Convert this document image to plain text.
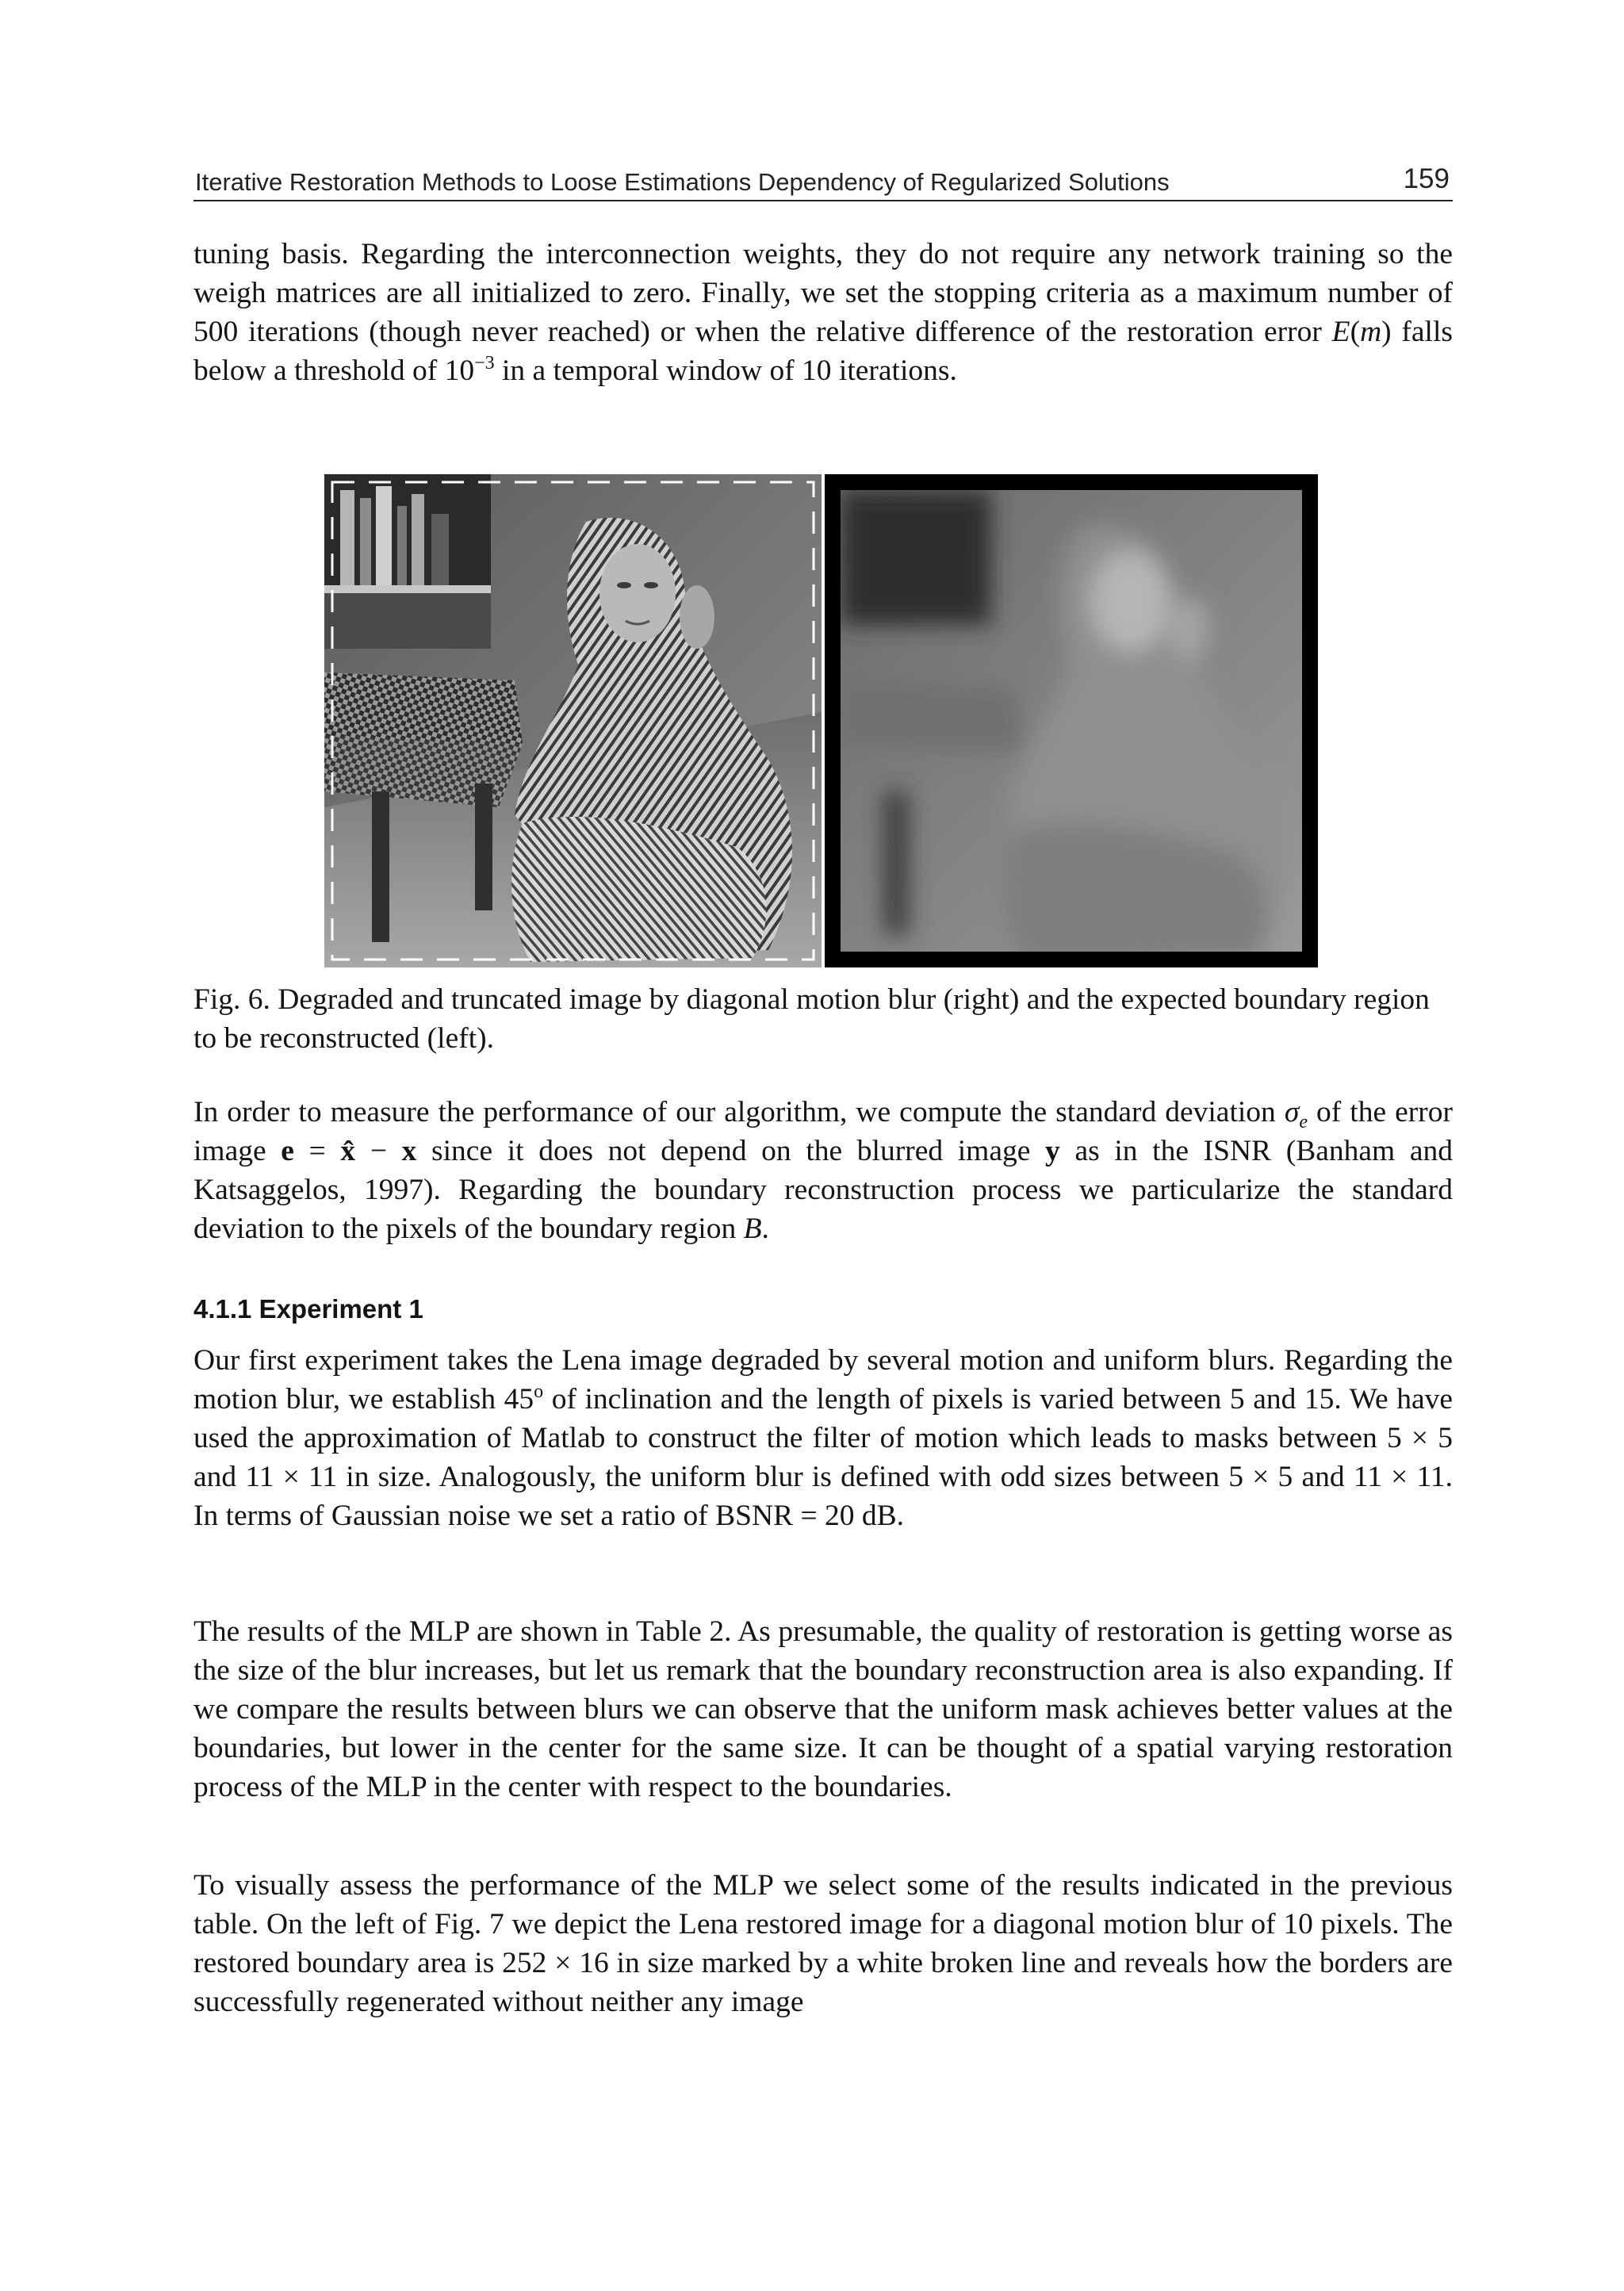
Iterative Restoration Methods to Loose Estimations Dependency of Regularized Solutions	159

tuning basis. Regarding the interconnection weights, they do not require any network training so the weigh matrices are all initialized to zero. Finally, we set the stopping criteria as a maximum number of 500 iterations (though never reached) or when the relative difference of the restoration error E(m) falls below a threshold of $10^{-3}$ in a temporal window of 10 iterations.

Fig. 6. Degraded and truncated image by diagonal motion blur (right) and the expected boundary region to be reconstructed (left).

In order to measure the performance of our algorithm, we compute the standard deviation $\sigma_e$ of the error image e = x̂ − x since it does not depend on the blurred image y as in the ISNR (Banham and Katsaggelos, 1997). Regarding the boundary reconstruction process we particularize the standard deviation to the pixels of the boundary region B.

4.1.1 Experiment 1

Our first experiment takes the Lena image degraded by several motion and uniform blurs. Regarding the motion blur, we establish 45$^o$ of inclination and the length of pixels is varied between 5 and 15. We have used the approximation of Matlab to construct the filter of motion which leads to masks between 5 × 5 and 11 × 11 in size. Analogously, the uniform blur is defined with odd sizes between 5 × 5 and 11 × 11. In terms of Gaussian noise we set a ratio of BSNR = 20 dB.

The results of the MLP are shown in Table 2. As presumable, the quality of restoration is getting worse as the size of the blur increases, but let us remark that the boundary reconstruction area is also expanding. If we compare the results between blurs we can observe that the uniform mask achieves better values at the boundaries, but lower in the center for the same size. It can be thought of a spatial varying restoration process of the MLP in the center with respect to the boundaries.

To visually assess the performance of the MLP we select some of the results indicated in the previous table. On the left of Fig. 7 we depict the Lena restored image for a diagonal motion blur of 10 pixels. The restored boundary area is 252 × 16 in size marked by a white broken line and reveals how the borders are successfully regenerated without neither any image
